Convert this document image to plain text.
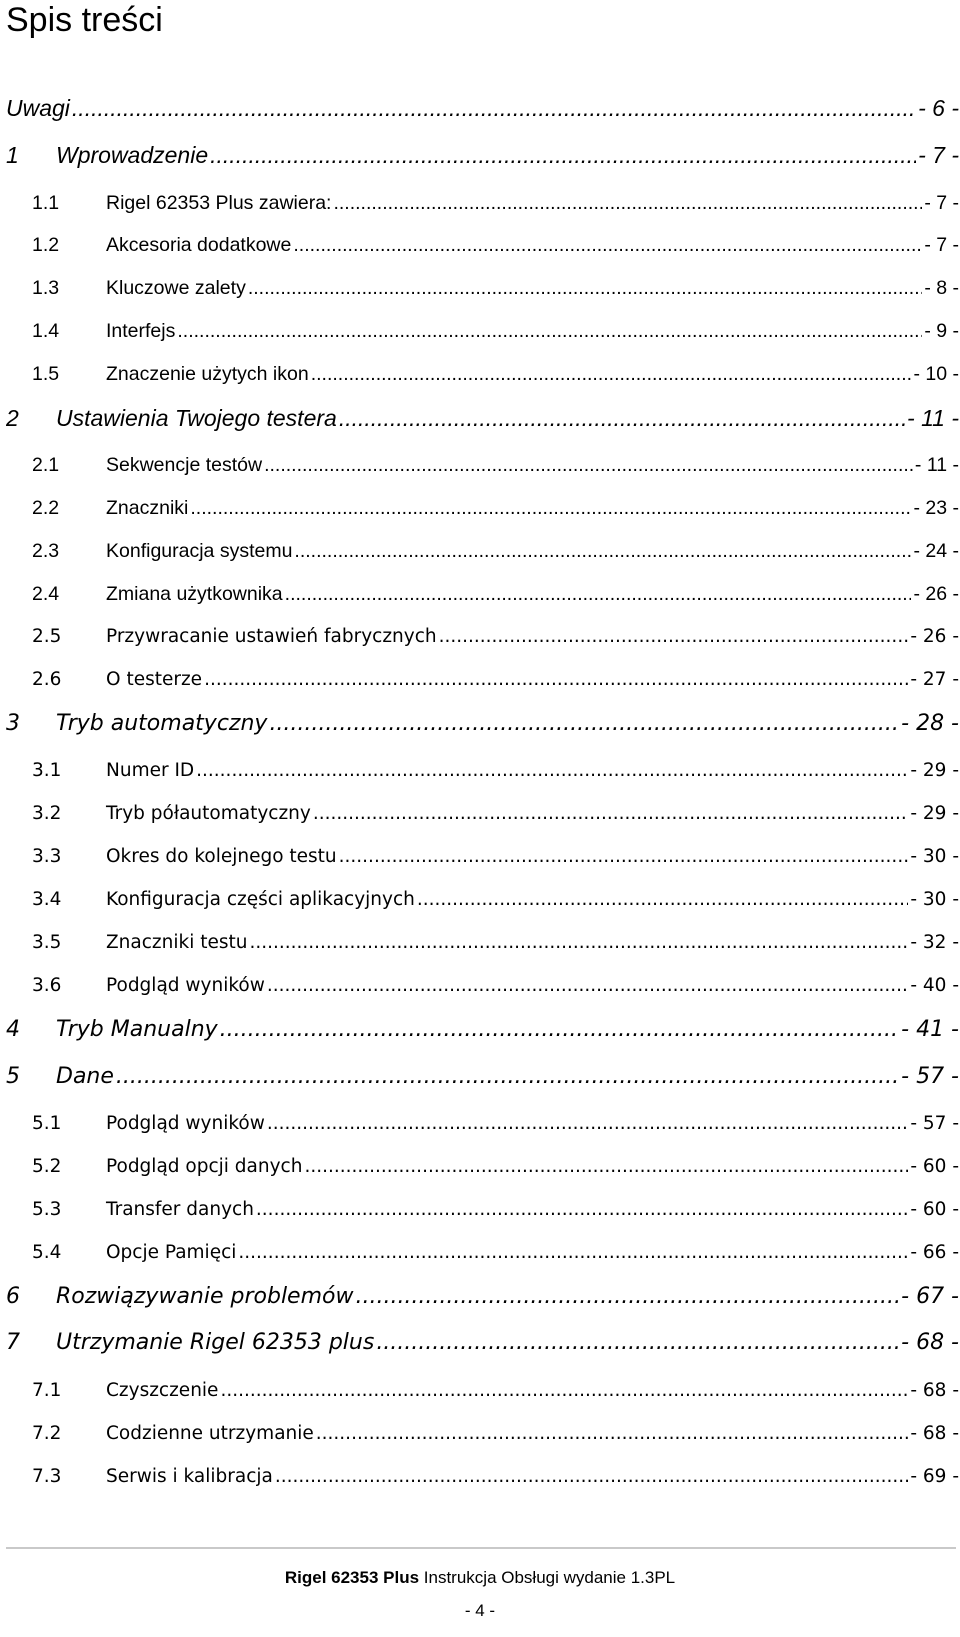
Spis treści
Uwagi .....	- 6 -
1	Wprowadzenie .....	- 7 -
1.1	Rigel 62353 Plus zawiera: .....	- 7 -
1.2	Akcesoria dodatkowe .....	- 7 -
1.3	Kluczowe zalety .....	- 8 -
1.4	Interfejs .....	- 9 -
1.5	Znaczenie użytych ikon .....	- 10 -
2	Ustawienia Twojego testera .....	- 11 -
2.1	Sekwencje testów .....	- 11 -
2.2	Znaczniki .....	- 23 -
2.3	Konfiguracja systemu .....	- 24 -
2.4	Zmiana użytkownika .....	- 26 -
2.5	Przywracanie ustawień fabrycznych .....	- 26 -
2.6	O testerze .....	- 27 -
3	Tryb automatyczny .....	- 28 -
3.1	Numer ID .....	- 29 -
3.2	Tryb półautomatyczny .....	- 29 -
3.3	Okres do kolejnego testu .....	- 30 -
3.4	Konfiguracja części aplikacyjnych .....	- 30 -
3.5	Znaczniki testu .....	- 32 -
3.6	Podgląd wyników .....	- 40 -
4	Tryb Manualny .....	- 41 -
5	Dane .....	- 57 -
5.1	Podgląd wyników .....	- 57 -
5.2	Podgląd opcji danych .....	- 60 -
5.3	Transfer danych .....	- 60 -
5.4	Opcje Pamięci .....	- 66 -
6	Rozwiązywanie problemów .....	- 67 -
7	Utrzymanie Rigel 62353 plus .....	- 68 -
7.1	Czyszczenie .....	- 68 -
7.2	Codzienne utrzymanie .....	- 68 -
7.3	Serwis i kalibracja .....	- 69 -
Rigel 62353 Plus Instrukcja Obsługi wydanie 1.3PL
- 4 -
